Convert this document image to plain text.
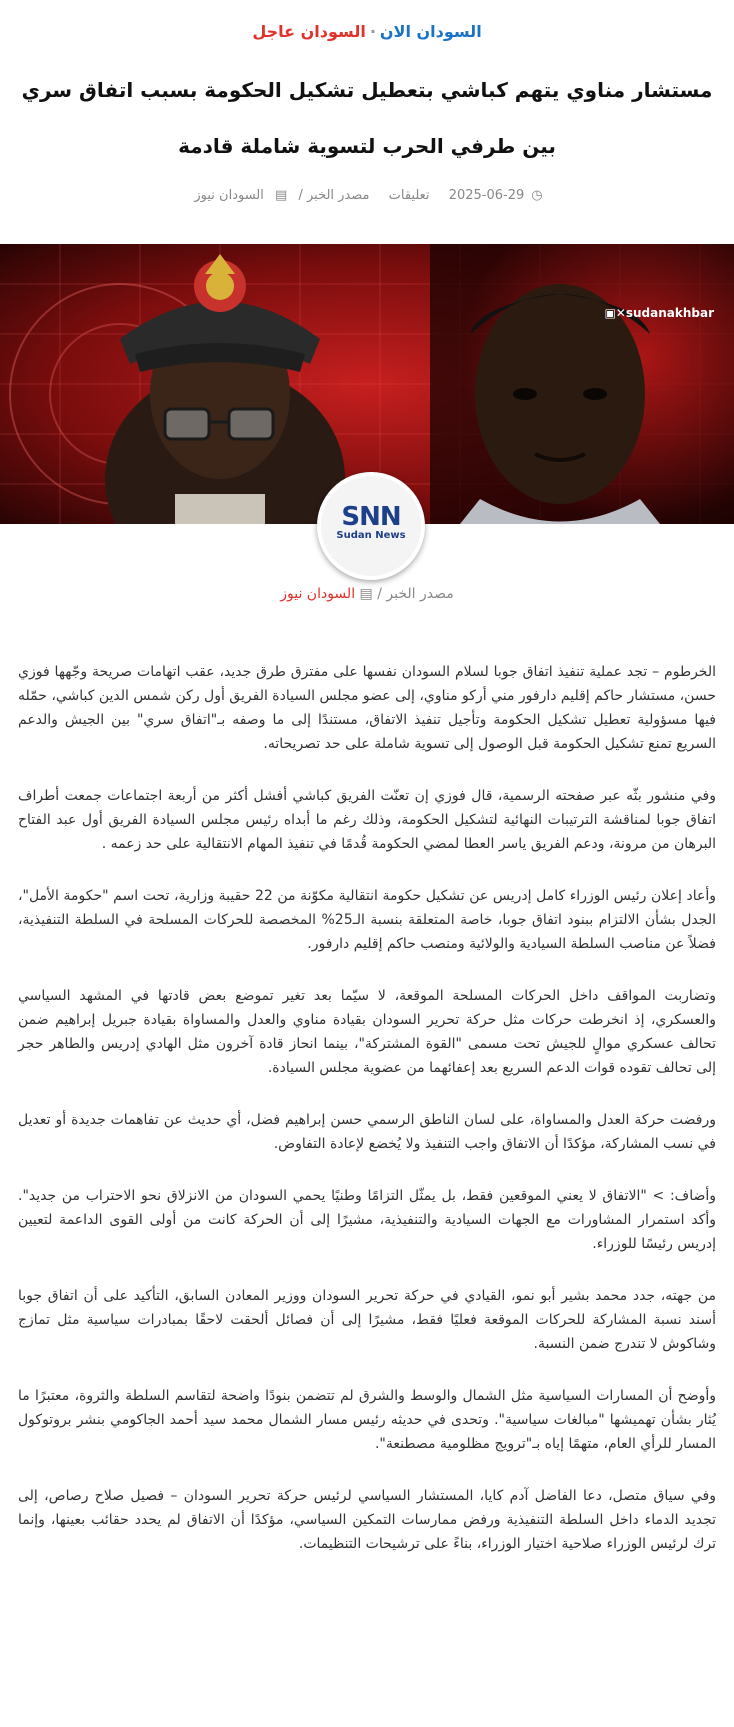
السودان الان·السودان عاجل
مستشار مناوي يتهم كباشي بتعطيل تشكيل الحكومة بسبب اتفاق سري بين طرفي الحرب لتسوية شاملة قادمة
◷2025-06-29 تعليقات مصدر الخبر / ▤ السودان نيوز
▣✕sudanakhbar
SNN
Sudan News
مصدر الخبر / ▤ السودان نيوز

الخرطوم – تجد عملية تنفيذ اتفاق جوبا لسلام السودان نفسها على مفترق طرق جديد، عقب اتهامات صريحة وجّهها فوزي حسن، مستشار حاكم إقليم دارفور مني أركو مناوي، إلى عضو مجلس السيادة الفريق أول ركن شمس الدين كباشي، حمّله فيها مسؤولية تعطيل تشكيل الحكومة وتأجيل تنفيذ الاتفاق، مستندًا إلى ما وصفه بـ"اتفاق سري" بين الجيش والدعم السريع تمنع تشكيل الحكومة قبل الوصول إلى تسوية شاملة على حد تصريحاته.

وفي منشور بثّه عبر صفحته الرسمية، قال فوزي إن تعنّت الفريق كباشي أفشل أكثر من أربعة اجتماعات جمعت أطراف اتفاق جوبا لمناقشة الترتيبات النهائية لتشكيل الحكومة، وذلك رغم ما أبداه رئيس مجلس السيادة الفريق أول عبد الفتاح البرهان من مرونة، ودعم الفريق ياسر العطا لمضي الحكومة قُدمًا في تنفيذ المهام الانتقالية على حد زعمه .

وأعاد إعلان رئيس الوزراء كامل إدريس عن تشكيل حكومة انتقالية مكوّنة من 22 حقيبة وزارية، تحت اسم "حكومة الأمل"، الجدل بشأن الالتزام ببنود اتفاق جوبا، خاصة المتعلقة بنسبة الـ25% المخصصة للحركات المسلحة في السلطة التنفيذية، فضلاً عن مناصب السلطة السيادية والولائية ومنصب حاكم إقليم دارفور.

وتضاربت المواقف داخل الحركات المسلحة الموقعة، لا سيّما بعد تغير تموضع بعض قادتها في المشهد السياسي والعسكري، إذ انخرطت حركات مثل حركة تحرير السودان بقيادة مناوي والعدل والمساواة بقيادة جبريل إبراهيم ضمن تحالف عسكري موالٍ للجيش تحت مسمى "القوة المشتركة"، بينما انحاز قادة آخرون مثل الهادي إدريس والطاهر حجر إلى تحالف تقوده قوات الدعم السريع بعد إعفائهما من عضوية مجلس السيادة.

ورفضت حركة العدل والمساواة، على لسان الناطق الرسمي حسن إبراهيم فضل، أي حديث عن تفاهمات جديدة أو تعديل في نسب المشاركة، مؤكدًا أن الاتفاق واجب التنفيذ ولا يُخضع لإعادة التفاوض.

وأضاف: > "الاتفاق لا يعني الموقعين فقط، بل يمثّل التزامًا وطنيًا يحمي السودان من الانزلاق نحو الاحتراب من جديد". وأكد استمرار المشاورات مع الجهات السيادية والتنفيذية، مشيرًا إلى أن الحركة كانت من أولى القوى الداعمة لتعيين إدريس رئيسًا للوزراء.

من جهته، جدد محمد بشير أبو نمو، القيادي في حركة تحرير السودان ووزير المعادن السابق، التأكيد على أن اتفاق جوبا أسند نسبة المشاركة للحركات الموقعة فعليًا فقط، مشيرًا إلى أن فصائل ألحقت لاحقًا بمبادرات سياسية مثل تمازج وشاكوش لا تندرج ضمن النسبة.

وأوضح أن المسارات السياسية مثل الشمال والوسط والشرق لم تتضمن بنودًا واضحة لتقاسم السلطة والثروة، معتبرًا ما يُثار بشأن تهميشها "مبالغات سياسية". وتحدى في حديثه رئيس مسار الشمال محمد سيد أحمد الجاكومي بنشر بروتوكول المسار للرأي العام، متهمًا إياه بـ"ترويج مظلومية مصطنعة".

وفي سياق متصل، دعا الفاضل آدم كايا، المستشار السياسي لرئيس حركة تحرير السودان – فصيل صلاح رصاص، إلى تجديد الدماء داخل السلطة التنفيذية ورفض ممارسات التمكين السياسي، مؤكدًا أن الاتفاق لم يحدد حقائب بعينها، وإنما ترك لرئيس الوزراء صلاحية اختيار الوزراء، بناءً على ترشيحات التنظيمات.
